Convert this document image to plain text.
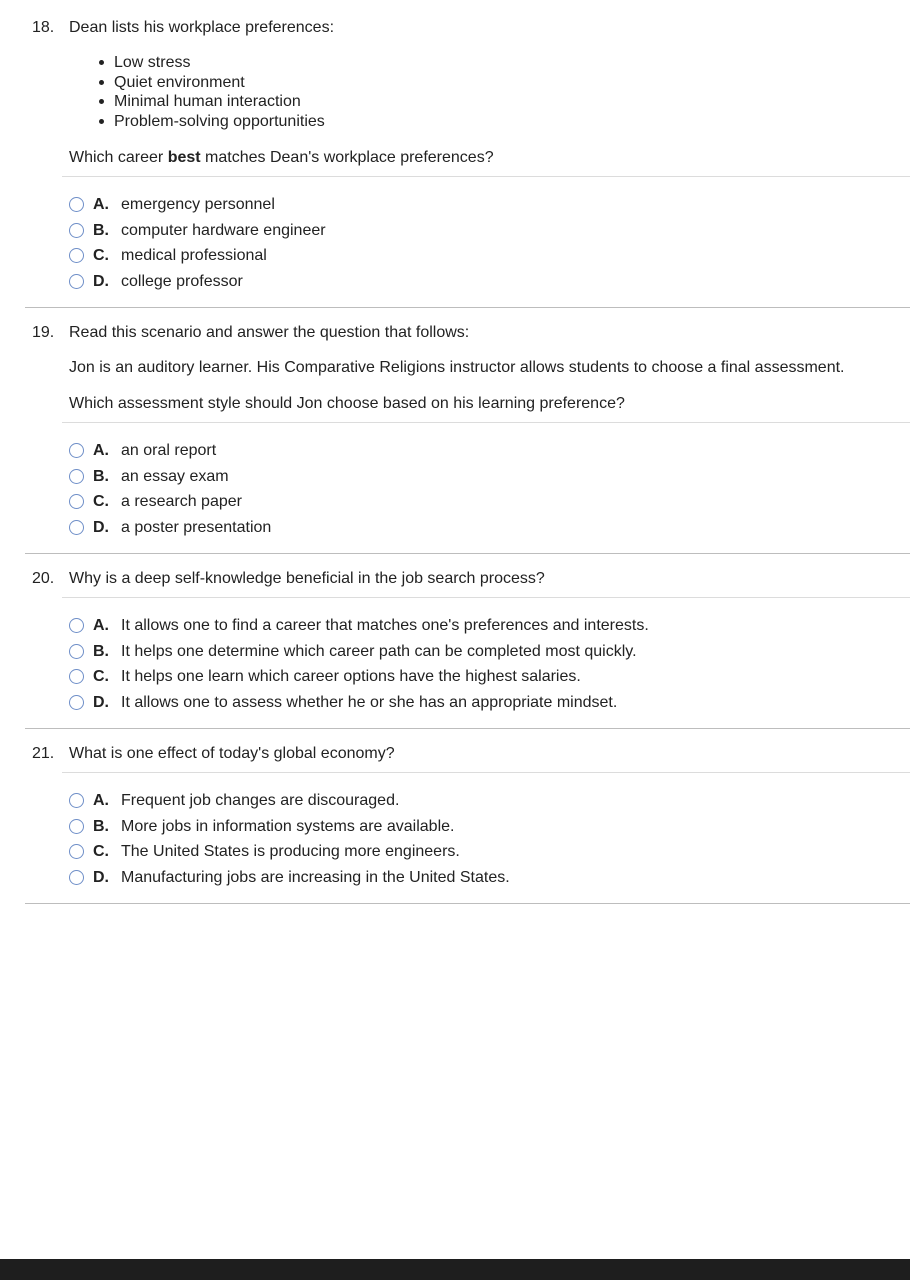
18. Dean lists his workplace preferences:
Low stress
Quiet environment
Minimal human interaction
Problem-solving opportunities
Which career best matches Dean's workplace preferences?
A. emergency personnel
B. computer hardware engineer
C. medical professional
D. college professor
19. Read this scenario and answer the question that follows:
Jon is an auditory learner. His Comparative Religions instructor allows students to choose a final assessment.
Which assessment style should Jon choose based on his learning preference?
A. an oral report
B. an essay exam
C. a research paper
D. a poster presentation
20. Why is a deep self-knowledge beneficial in the job search process?
A. It allows one to find a career that matches one's preferences and interests.
B. It helps one determine which career path can be completed most quickly.
C. It helps one learn which career options have the highest salaries.
D. It allows one to assess whether he or she has an appropriate mindset.
21. What is one effect of today's global economy?
A. Frequent job changes are discouraged.
B. More jobs in information systems are available.
C. The United States is producing more engineers.
D. Manufacturing jobs are increasing in the United States.
